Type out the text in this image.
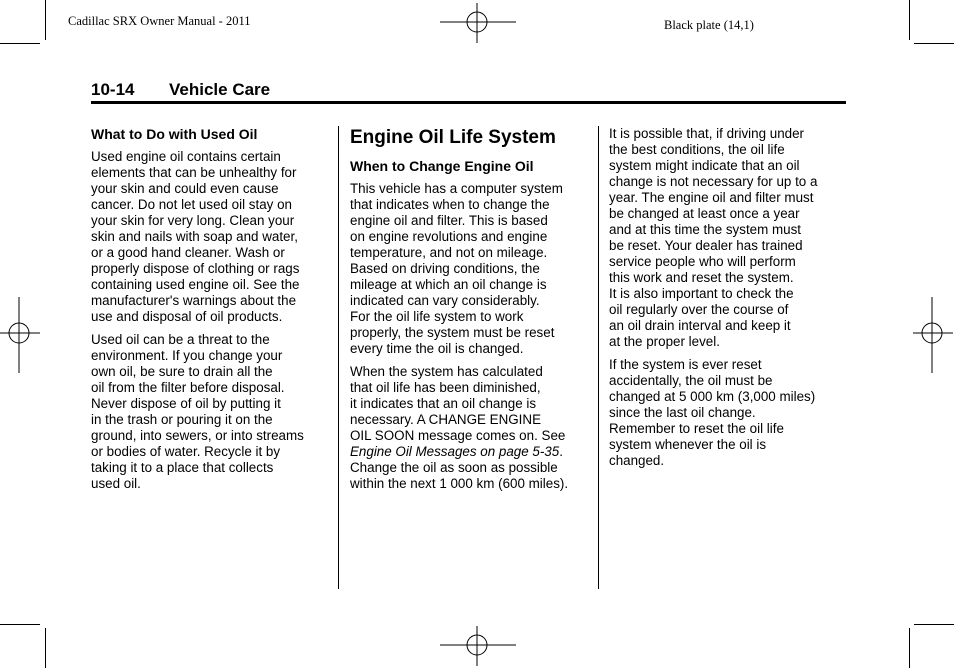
Cadillac SRX Owner Manual - 2011	Black plate (14,1)
10-14 Vehicle Care
What to Do with Used Oil

Used engine oil contains certain
elements that can be unhealthy for
your skin and could even cause
cancer. Do not let used oil stay on
your skin for very long. Clean your
skin and nails with soap and water,
or a good hand cleaner. Wash or
properly dispose of clothing or rags
containing used engine oil. See the
manufacturer's warnings about the
use and disposal of oil products.

Used oil can be a threat to the
environment. If you change your
own oil, be sure to drain all the
oil from the filter before disposal.
Never dispose of oil by putting it
in the trash or pouring it on the
ground, into sewers, or into streams
or bodies of water. Recycle it by
taking it to a place that collects
used oil.

Engine Oil Life System
When to Change Engine Oil

This vehicle has a computer system
that indicates when to change the
engine oil and filter. This is based
on engine revolutions and engine
temperature, and not on mileage.
Based on driving conditions, the
mileage at which an oil change is
indicated can vary considerably.
For the oil life system to work
properly, the system must be reset
every time the oil is changed.

When the system has calculated
that oil life has been diminished,
it indicates that an oil change is
necessary. A CHANGE ENGINE
OIL SOON message comes on. See
Engine Oil Messages on page 5‑35.
Change the oil as soon as possible
within the next 1 000 km (600 miles).

It is possible that, if driving under
the best conditions, the oil life
system might indicate that an oil
change is not necessary for up to a
year. The engine oil and filter must
be changed at least once a year
and at this time the system must
be reset. Your dealer has trained
service people who will perform
this work and reset the system.
It is also important to check the
oil regularly over the course of
an oil drain interval and keep it
at the proper level.

If the system is ever reset
accidentally, the oil must be
changed at 5 000 km (3,000 miles)
since the last oil change.
Remember to reset the oil life
system whenever the oil is
changed.
